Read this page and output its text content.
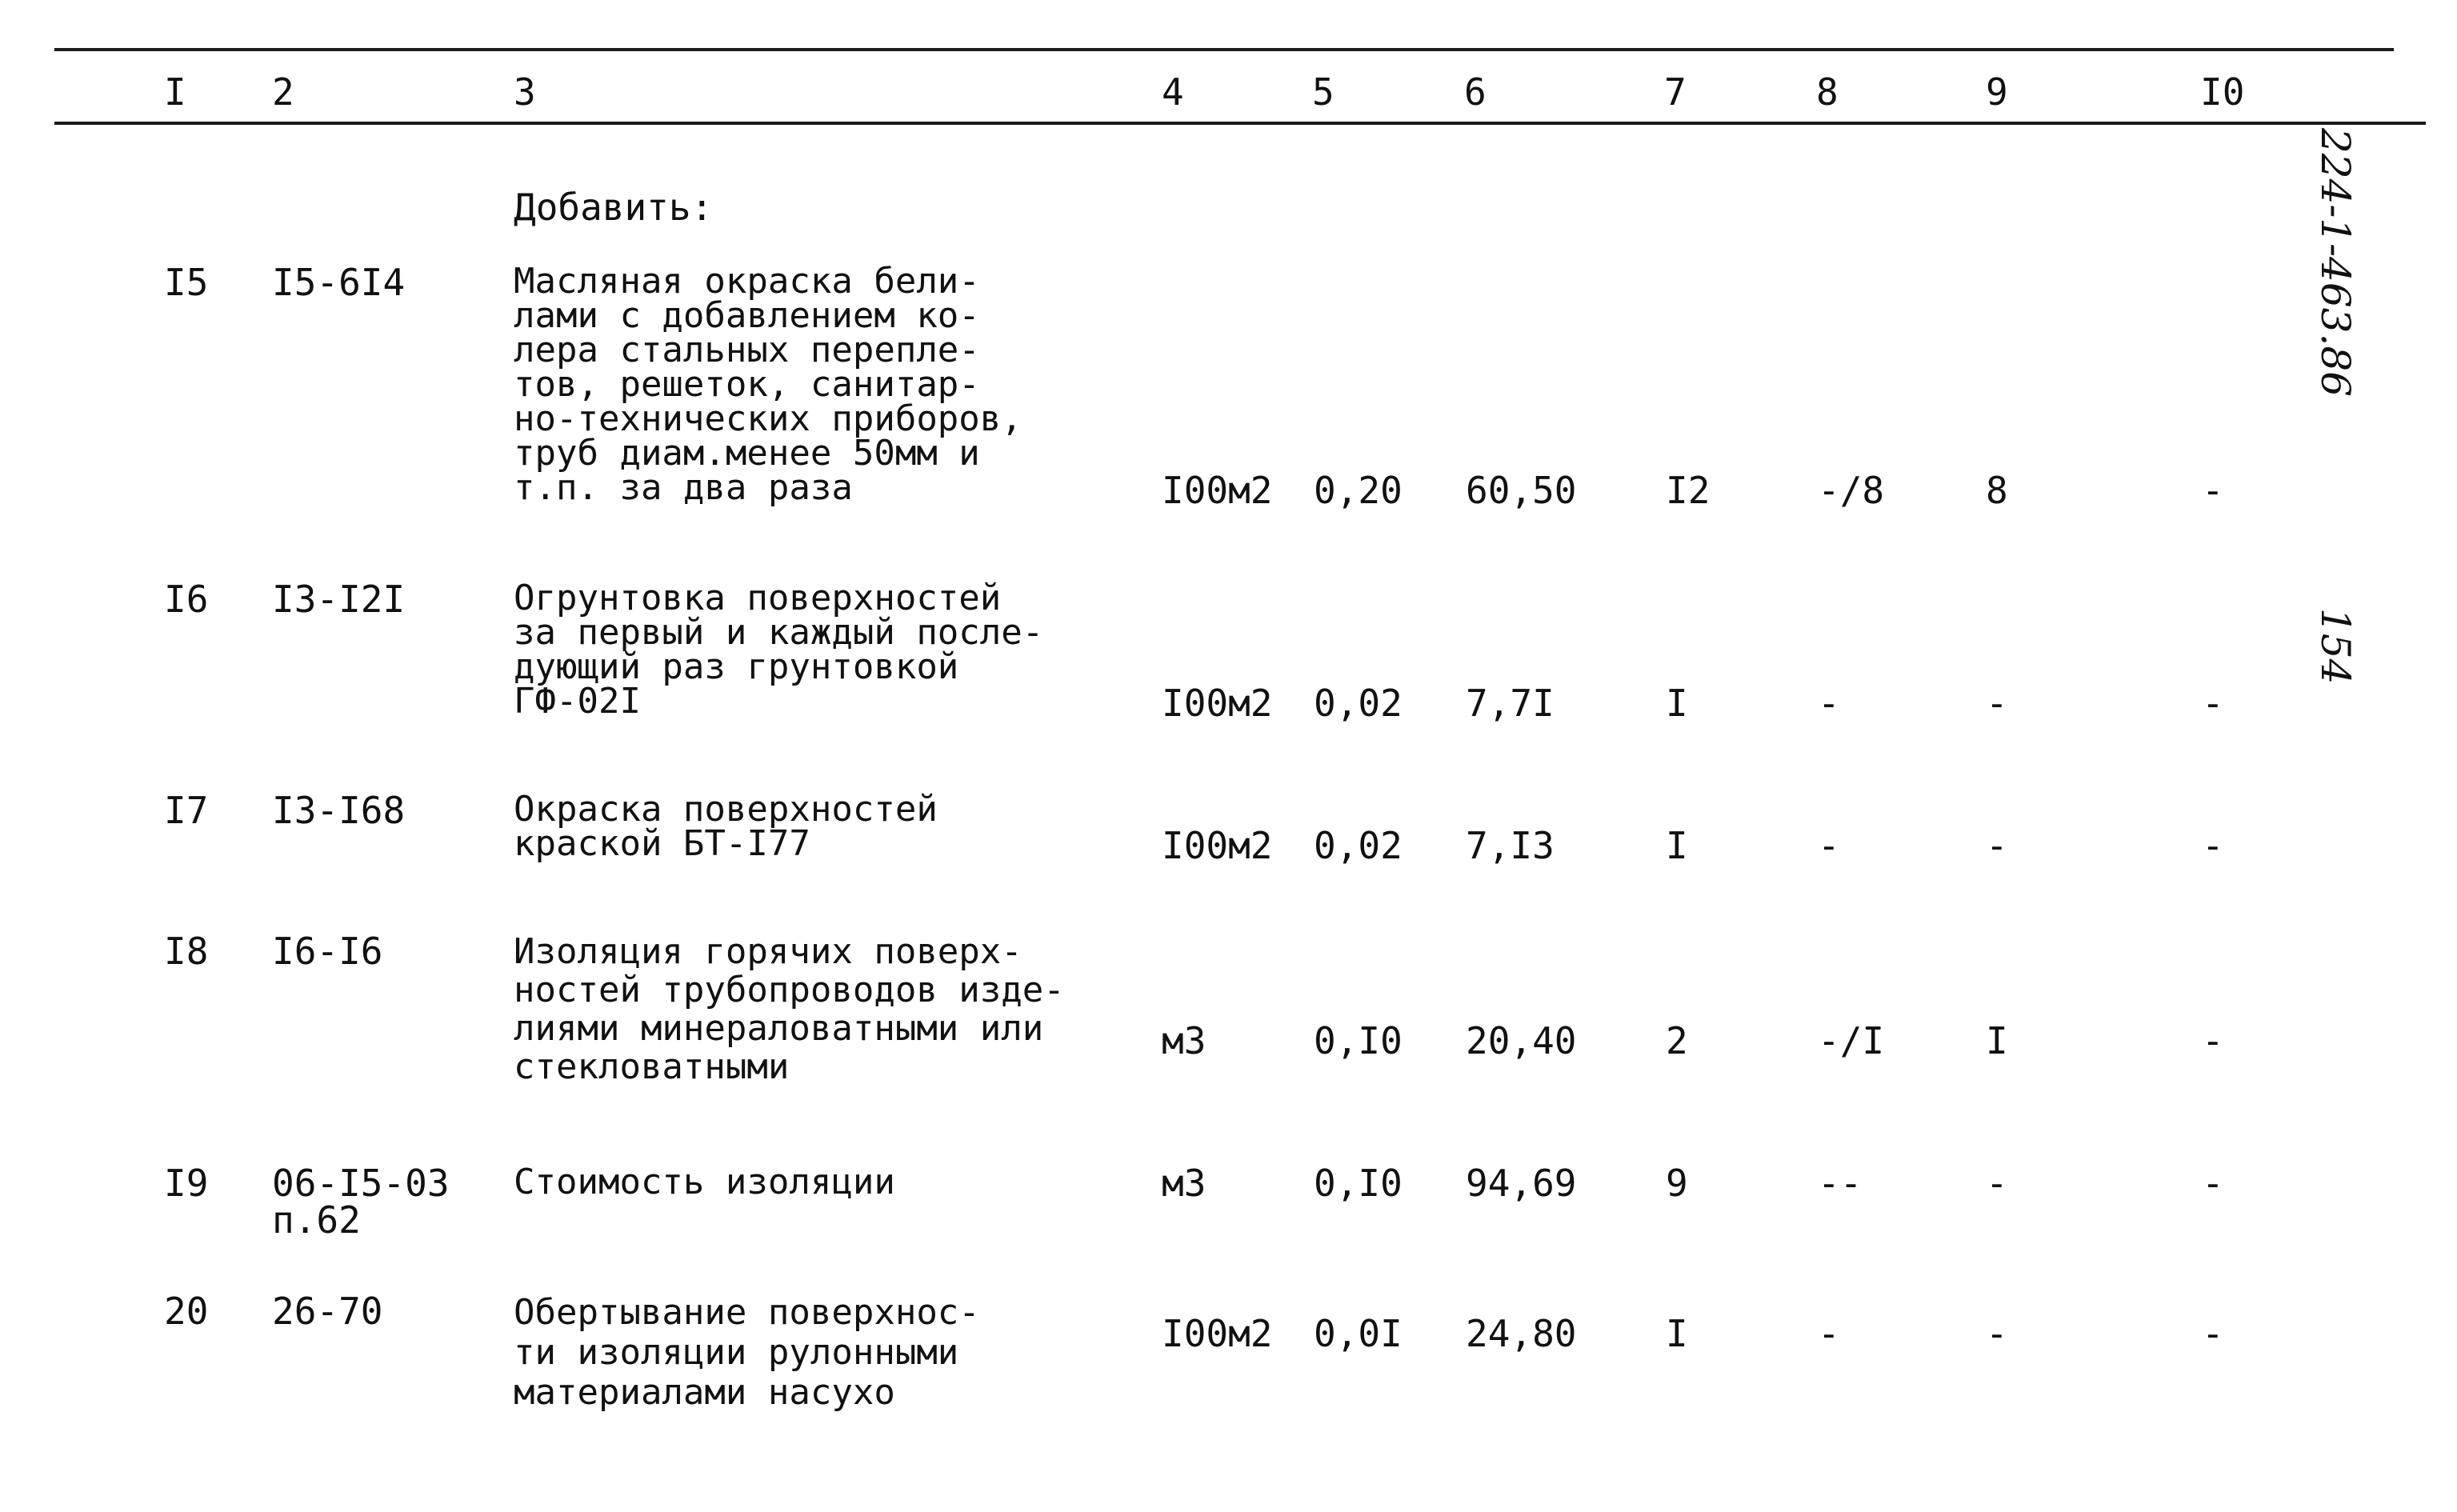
I 2	3	4	5	6	7	8	9	I0
Добавить:
I5 I5-6I4	Масляная окраска бели-
лами с добавлением ко-
лера стальных перепле-
тов, решеток, санитар-
но-технических приборов,
труб диам.менее 50мм и
т.п. за два раза	I00м2 0,20 60,50 I2	-/8	8	-
I6 I3-I2I	Огрунтовка поверхностей
за первый и каждый после-
дующий раз грунтовкой
ГФ-02I	I00м2 0,02 7,7I	I	-	-	-
I7 I3-I68	Окраска поверхностей
краской БТ-I77	I00м2 0,02 7,I3	I	-	-	-
I8 I6-I6	Изоляция горячих поверх-
ностей трубопроводов изде-
лиями минераловатными или
стекловатными
м3	0,I0 20,40 2	-/I	I	-
I9 06-I5-03
п.62
Стоимость изоляции	м3	0,I0 94,69 9	--	-	-
20 26-70	Обертывание поверхнос-
ти изоляции рулонными
материалами насухо
I00м2 0,0I 24,80 I	-	-	-
224-1-463.86
154
